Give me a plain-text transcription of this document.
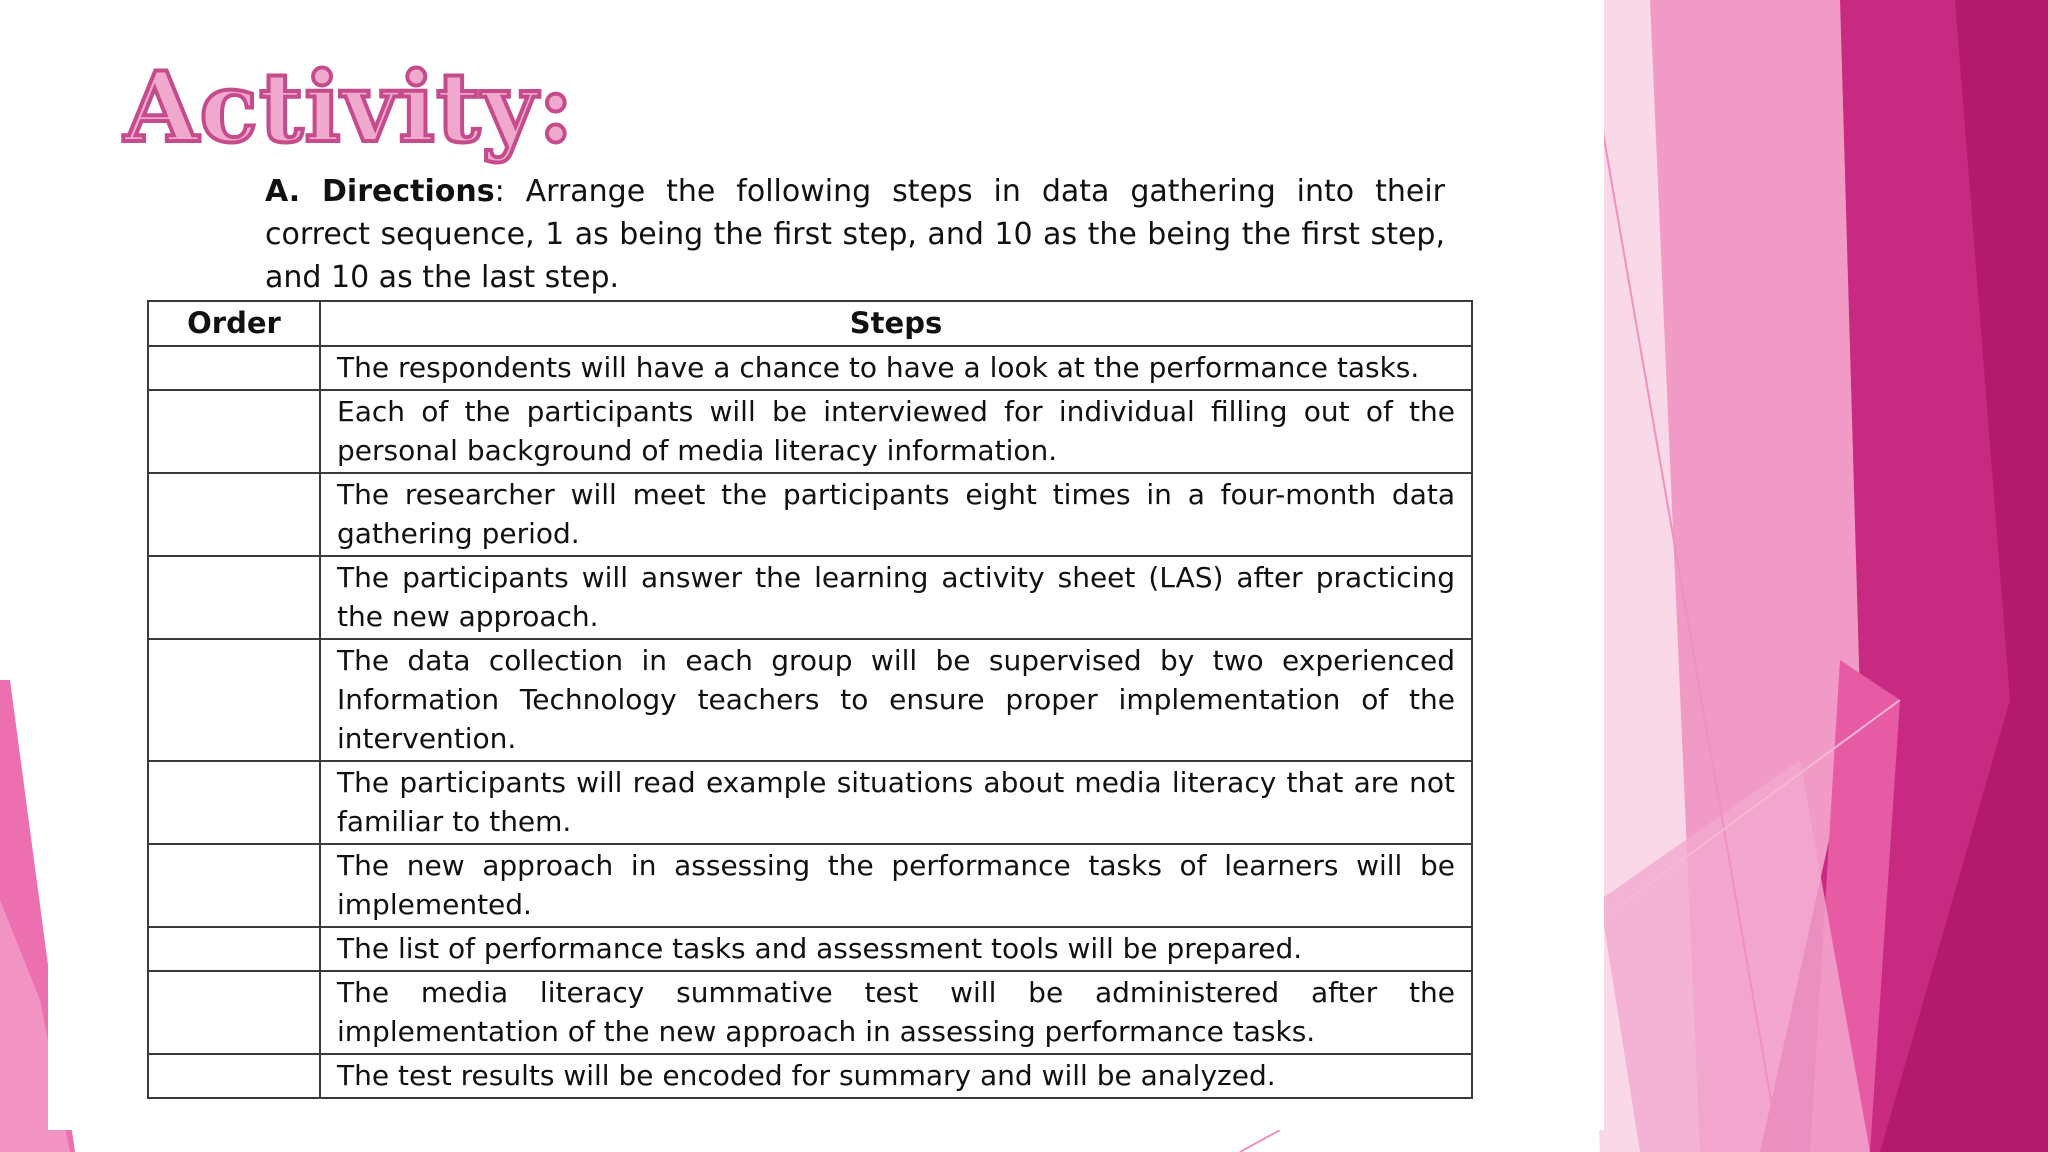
Activity:
A. Directions: Arrange the following steps in data gathering into their correct sequence, 1 as being the first step, and 10 as the being the first step, and 10 as the last step.
Order	Steps
	The respondents will have a chance to have a look at the performance tasks.
	Each of the participants will be interviewed for individual filling out of the personal background of media literacy information.
	The researcher will meet the participants eight times in a four-month data gathering period.
	The participants will answer the learning activity sheet (LAS) after practicing the new approach.
	The data collection in each group will be supervised by two experienced Information Technology teachers to ensure proper implementation of the intervention.
	The participants will read example situations about media literacy that are not familiar to them.
	The new approach in assessing the performance tasks of learners will be implemented.
	The list of performance tasks and assessment tools will be prepared.
	The media literacy summative test will be administered after the implementation of the new approach in assessing performance tasks.
	The test results will be encoded for summary and will be analyzed.
